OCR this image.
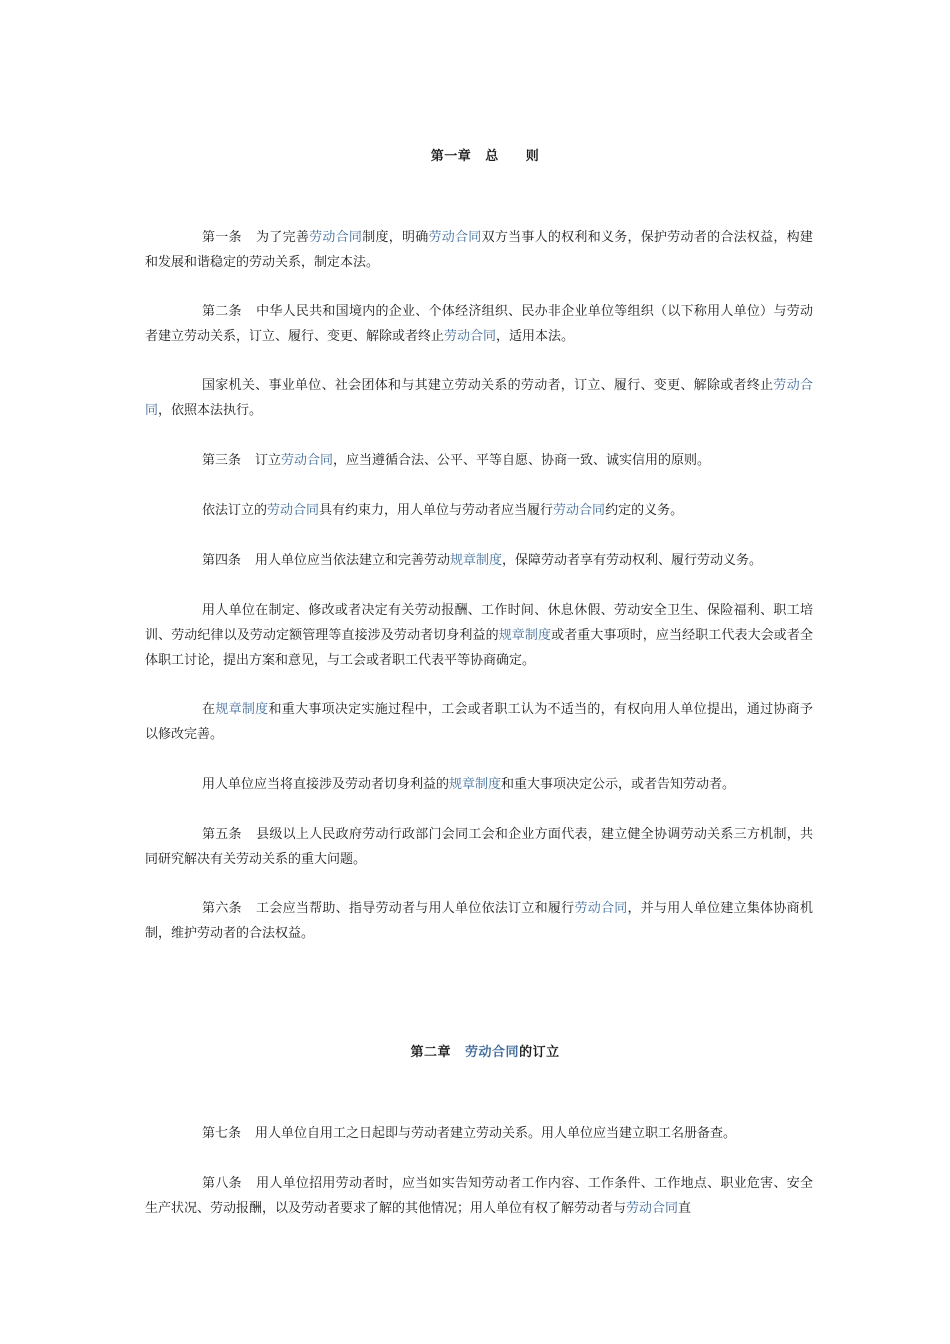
第一章 总　　则

第一条 为了完善劳动合同制度，明确劳动合同双方当事人的权利和义务，保护劳动者的合法权益，构建和发展和谐稳定的劳动关系，制定本法。
第二条 中华人民共和国境内的企业、个体经济组织、民办非企业单位等组织（以下称用人单位）与劳动者建立劳动关系，订立、履行、变更、解除或者终止劳动合同，适用本法。
国家机关、事业单位、社会团体和与其建立劳动关系的劳动者，订立、履行、变更、解除或者终止劳动合同，依照本法执行。
第三条 订立劳动合同，应当遵循合法、公平、平等自愿、协商一致、诚实信用的原则。
依法订立的劳动合同具有约束力，用人单位与劳动者应当履行劳动合同约定的义务。
第四条 用人单位应当依法建立和完善劳动规章制度，保障劳动者享有劳动权利、履行劳动义务。
用人单位在制定、修改或者决定有关劳动报酬、工作时间、休息休假、劳动安全卫生、保险福利、职工培训、劳动纪律以及劳动定额管理等直接涉及劳动者切身利益的规章制度或者重大事项时，应当经职工代表大会或者全体职工讨论，提出方案和意见，与工会或者职工代表平等协商确定。
在规章制度和重大事项决定实施过程中，工会或者职工认为不适当的，有权向用人单位提出，通过协商予以修改完善。
用人单位应当将直接涉及劳动者切身利益的规章制度和重大事项决定公示，或者告知劳动者。
第五条 县级以上人民政府劳动行政部门会同工会和企业方面代表，建立健全协调劳动关系三方机制，共同研究解决有关劳动关系的重大问题。
第六条 工会应当帮助、指导劳动者与用人单位依法订立和履行劳动合同，并与用人单位建立集体协商机制，维护劳动者的合法权益。

第二章 劳动合同的订立

第七条 用人单位自用工之日起即与劳动者建立劳动关系。用人单位应当建立职工名册备查。
第八条 用人单位招用劳动者时，应当如实告知劳动者工作内容、工作条件、工作地点、职业危害、安全生产状况、劳动报酬，以及劳动者要求了解的其他情况；用人单位有权了解劳动者与劳动合同直
